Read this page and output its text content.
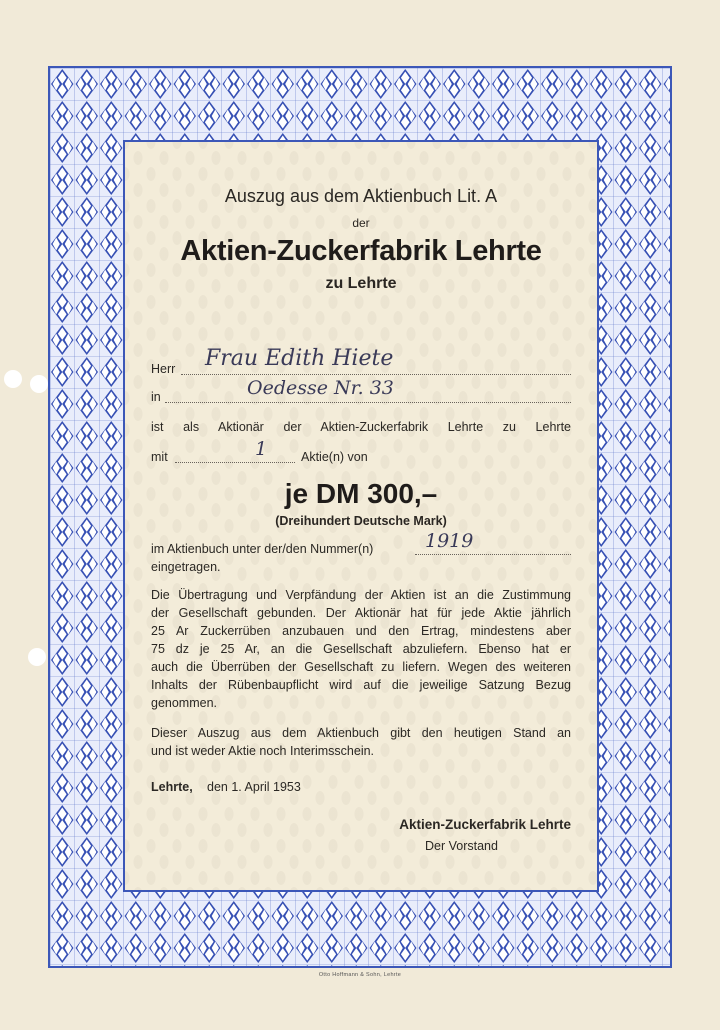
Auszug aus dem Aktienbuch Lit. A
der
Aktien-Zuckerfabrik Lehrte
zu Lehrte
Herr Frau Edith Hiete
in	Oedesse Nr. 33
ist als Aktionär der Aktien-Zuckerfabrik Lehrte zu Lehrte
mit	1	Aktie(n) von
je DM 300,–
(Dreihundert Deutsche Mark)
im Aktienbuch unter der/den Nummer(n)	1919
eingetragen.
Die Übertragung und Verpfändung der Aktien ist an die Zustimmung
der Gesellschaft gebunden. Der Aktionär hat für jede Aktie jährlich
25 Ar Zuckerrüben anzubauen und den Ertrag, mindestens aber
75 dz je 25 Ar, an die Gesellschaft abzuliefern. Ebenso hat er
auch die Überrüben der Gesellschaft zu liefern. Wegen des weiteren
Inhalts der Rübenbaupflicht wird auf die jeweilige Satzung Bezug
genommen.
Dieser Auszug aus dem Aktienbuch gibt den heutigen Stand an
und ist weder Aktie noch Interimsschein.
Lehrte, den 1. April 1953
Aktien-Zuckerfabrik Lehrte
Der Vorstand
Otto Hoffmann & Sohn, Lehrte
